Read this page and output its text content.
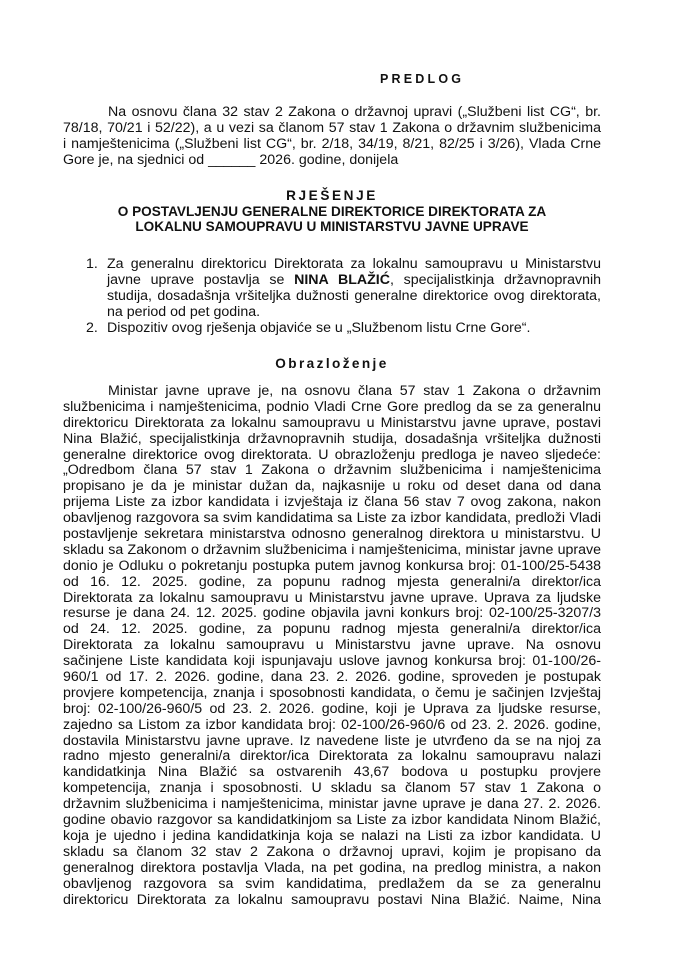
PREDLOG
Na osnovu člana 32 stav 2 Zakona o državnoj upravi („Službeni list CG“, br.
78/18, 70/21 i 52/22), a u vezi sa članom 57 stav 1 Zakona o državnim službenicima
i namještenicima („Službeni list CG“, br. 2/18, 34/19, 8/21, 82/25 i 3/26), Vlada Crne
Gore je, na sjednici od ______ 2026. godine, donijela
RJEŠENJE
O POSTAVLJENJU GENERALNE DIREKTORICE DIREKTORATA ZA
LOKALNU SAMOUPRAVU U MINISTARSTVU JAVNE UPRAVE
1. Za generalnu direktoricu Direktorata za lokalnu samoupravu u Ministarstvu
javne uprave postavlja se NINA BLAŽIĆ, specijalistkinja državnopravnih
studija, dosadašnja vršiteljka dužnosti generalne direktorice ovog direktorata,
na period od pet godina.
2. Dispozitiv ovog rješenja objaviće se u „Službenom listu Crne Gore“.
Obrazloženje
Ministar javne uprave je, na osnovu člana 57 stav 1 Zakona o državnim
službenicima i namještenicima, podnio Vladi Crne Gore predlog da se za generalnu
direktoricu Direktorata za lokalnu samoupravu u Ministarstvu javne uprave, postavi
Nina Blažić, specijalistkinja državnopravnih studija, dosadašnja vršiteljka dužnosti
generalne direktorice ovog direktorata. U obrazloženju predloga je naveo sljedeće:
„Odredbom člana 57 stav 1 Zakona o državnim službenicima i namještenicima
propisano je da je ministar dužan da, najkasnije u roku od deset dana od dana
prijema Liste za izbor kandidata i izvještaja iz člana 56 stav 7 ovog zakona, nakon
obavljenog razgovora sa svim kandidatima sa Liste za izbor kandidata, predloži Vladi
postavljenje sekretara ministarstva odnosno generalnog direktora u ministarstvu. U
skladu sa Zakonom o državnim službenicima i namještenicima, ministar javne uprave
donio je Odluku o pokretanju postupka putem javnog konkursa broj: 01-100/25-5438
od 16. 12. 2025. godine, za popunu radnog mjesta generalni/a direktor/ica
Direktorata za lokalnu samoupravu u Ministarstvu javne uprave. Uprava za ljudske
resurse je dana 24. 12. 2025. godine objavila javni konkurs broj: 02-100/25-3207/3
od 24. 12. 2025. godine, za popunu radnog mjesta generalni/a direktor/ica
Direktorata za lokalnu samoupravu u Ministarstvu javne uprave. Na osnovu
sačinjene Liste kandidata koji ispunjavaju uslove javnog konkursa broj: 01-100/26-
960/1 od 17. 2. 2026. godine, dana 23. 2. 2026. godine, sproveden je postupak
provjere kompetencija, znanja i sposobnosti kandidata, o čemu je sačinjen Izvještaj
broj: 02-100/26-960/5 od 23. 2. 2026. godine, koji je Uprava za ljudske resurse,
zajedno sa Listom za izbor kandidata broj: 02-100/26-960/6 od 23. 2. 2026. godine,
dostavila Ministarstvu javne uprave. Iz navedene liste je utvrđeno da se na njoj za
radno mjesto generalni/a direktor/ica Direktorata za lokalnu samoupravu nalazi
kandidatkinja Nina Blažić sa ostvarenih 43,67 bodova u postupku provjere
kompetencija, znanja i sposobnosti. U skladu sa članom 57 stav 1 Zakona o
državnim službenicima i namještenicima, ministar javne uprave je dana 27. 2. 2026.
godine obavio razgovor sa kandidatkinjom sa Liste za izbor kandidata Ninom Blažić,
koja je ujedno i jedina kandidatkinja koja se nalazi na Listi za izbor kandidata. U
skladu sa članom 32 stav 2 Zakona o državnoj upravi, kojim je propisano da
generalnog direktora postavlja Vlada, na pet godina, na predlog ministra, a nakon
obavljenog razgovora sa svim kandidatima, predlažem da se za generalnu
direktoricu Direktorata za lokalnu samoupravu postavi Nina Blažić. Naime, Nina
